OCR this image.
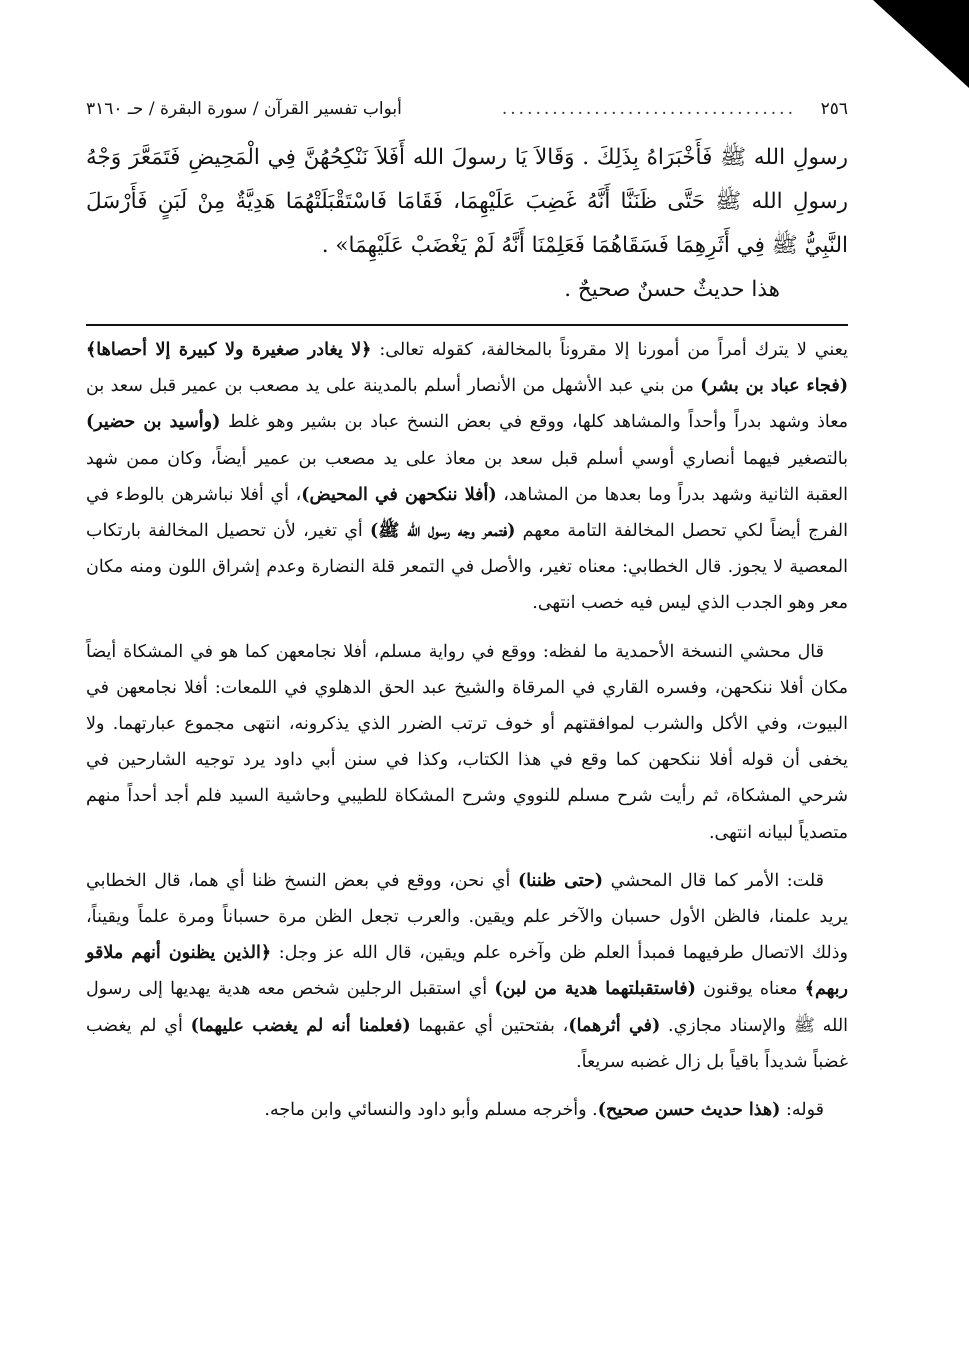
٢٥٦
...................................
أبواب تفسير القرآن / سورة البقرة / حـ ٣١٦٠
رسولِ الله ﷺ فَأَخْبَرَاهُ بِذَلِكَ . وَقَالاَ يَا رسولَ الله أَفَلاَ نَنْكِحُهُنَّ فِي الْمَحِيضِ فَتَمَعَّرَ وَجْهُ رسولِ الله ﷺ حَتَّى ظَنَنَّا أَنَّهُ غَضِبَ عَلَيْهِمَا، فَقَامَا فَاسْتَقْبَلَتْهُمَا هَدِيَّةٌ مِنْ لَبَنٍ فَأَرْسَلَ النَّبِيُّ ﷺ فِي أَثَرِهِمَا فَسَقَاهُمَا فَعَلِمْنَا أَنَّهُ لَمْ يَغْضَبْ عَلَيْهِمَا» .
هذا حديثٌ حسنٌ صحيحٌ .

يعني لا يترك أمراً من أمورنا إلا مقروناً بالمخالفة، كقوله تعالى: ﴿لا يغادر صغيرة ولا كبيرة إلا أحصاها﴾ (فجاء عباد بن بشر) من بني عبد الأشهل من الأنصار أسلم بالمدينة على يد مصعب بن عمير قبل سعد بن معاذ وشهد بدراً وأحداً والمشاهد كلها، ووقع في بعض النسخ عباد بن بشير وهو غلط (وأسيد بن حضير) بالتصغير فيهما أنصاري أوسي أسلم قبل سعد بن معاذ على يد مصعب بن عمير أيضاً، وكان ممن شهد العقبة الثانية وشهد بدراً وما بعدها من المشاهد، (أفلا ننكحهن في المحيض)، أي أفلا نباشرهن بالوطء في الفرج أيضاً لكي تحصل المخالفة التامة معهم (فتمعر وجه رسول الله ﷺ) أي تغير، لأن تحصيل المخالفة بارتكاب المعصية لا يجوز. قال الخطابي: معناه تغير، والأصل في التمعر قلة النضارة وعدم إشراق اللون ومنه مكان معر وهو الجدب الذي ليس فيه خصب انتهى.

قال محشي النسخة الأحمدية ما لفظه: ووقع في رواية مسلم، أفلا نجامعهن كما هو في المشكاة أيضاً مكان أفلا ننكحهن، وفسره القاري في المرقاة والشيخ عبد الحق الدهلوي في اللمعات: أفلا نجامعهن في البيوت، وفي الأكل والشرب لموافقتهم أو خوف ترتب الضرر الذي يذكرونه، انتهى مجموع عبارتهما. ولا يخفى أن قوله أفلا ننكحهن كما وقع في هذا الكتاب، وكذا في سنن أبي داود يرد توجيه الشارحين في شرحي المشكاة، ثم رأيت شرح مسلم للنووي وشرح المشكاة للطيبي وحاشية السيد فلم أجد أحداً منهم متصدياً لبيانه انتهى.

قلت: الأمر كما قال المحشي (حتى ظننا) أي نحن، ووقع في بعض النسخ ظنا أي هما، قال الخطابي يريد علمنا، فالظن الأول حسبان والآخر علم ويقين. والعرب تجعل الظن مرة حسباناً ومرة علماً ويقيناً، وذلك الاتصال طرفيهما فمبدأ العلم ظن وآخره علم ويقين، قال الله عز وجل: ﴿الذين يظنون أنهم ملاقو ربهم﴾ معناه يوقنون (فاستقبلتهما هدية من لبن) أي استقبل الرجلين شخص معه هدية يهديها إلى رسول الله ﷺ والإسناد مجازي. (في أثرهما)، بفتحتين أي عقبهما (فعلمنا أنه لم يغضب عليهما) أي لم يغضب غضباً شديداً باقياً بل زال غضبه سريعاً.

قوله: (هذا حديث حسن صحيح). وأخرجه مسلم وأبو داود والنسائي وابن ماجه.
